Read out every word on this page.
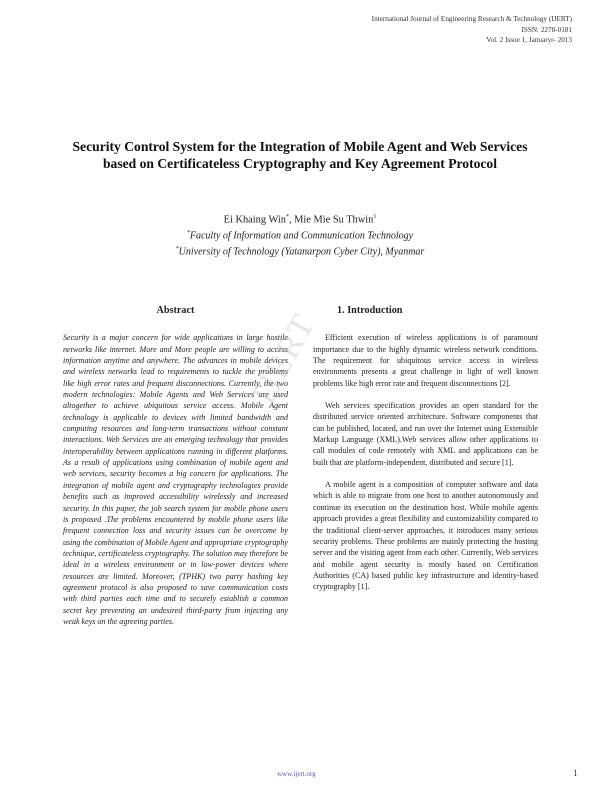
International Journal of Engineering Research & Technology (IJERT)
ISSN: 2278-0181
Vol. 2 Issue 1, Januaryr- 2013
Security Control System for the Integration of Mobile Agent and Web Services
based on Certificateless Cryptography and Key Agreement Protocol
Ei Khaing Win*, Mie Mie Su Thwin$^1$
*Faculty of Information and Communication Technology
*University of Technology (Yatanarpon Cyber City), Myanmar
Abstract

Security is a major concern for wide applications in large hostile networks like internet. More and More people are willing to access information anytime and anywhere. The advances in mobile devices and wireless networks lead to requirements to tackle the problems like high error rates and frequent disconnections. Currently, the two modern technologies: Mobile Agents and Web Services are used altogether to achieve ubiquitous service access. Mobile Agent technology is applicable to devices with limited bandwidth and computing resources and long-term transactions without constant interactions. Web Services are an emerging technology that provides interoperability between applications running in different platforms. As a result of applications using combination of mobile agent and web services, security becomes a big concern for applications. The integration of mobile agent and cryptography technologies provide benefits such as improved accessibility wirelessly and increased security. In this paper, the job search system for mobile phone users is proposed .The problems encountered by mobile phone users like frequent connection loss and security issues can be overcome by using the combination of Mobile Agent and appropriate cryptography technique, certificateless cryptography. The solution may therefore be ideal in a wireless environment or in low-power devices where resources are limited. Moreover, (TPHK) two party hashing key agreement protocol is also proposed to save communication costs with third parties each time and to securely establish a common secret key preventing an undesired third-party from injecting any weak keys on the agreeing parties.

1. Introduction

Efficient execution of wireless applications is of paramount importance due to the highly dynamic wireless network conditions. The requirement for ubiquitous service access in wireless environments presents a great challenge in light of well known problems like high error rate and frequent disconnections [2].

Web services specification provides an open standard for the distributed service oriented architecture. Software components that can be published, located, and run over the Internet using Extensible Markup Language (XML).Web services allow other applications to call modules of code remotely with XML and applications can be built that are platform-independent, distributed and secure [1].

A mobile agent is a composition of computer software and data which is able to migrate from one host to another autonomously and continue its execution on the destination host. While mobile agents approach provides a great flexibility and customizability compared to the traditional client-server approaches, it introduces many serious security problems. These problems are mainly protecting the hosting server and the visiting agent from each other. Currently, Web services and mobile agent security is mostly based on Certification Authorities (CA) based public key infrastructure and identity-based cryptography [1].

IJERT
www.ijert.org	1
